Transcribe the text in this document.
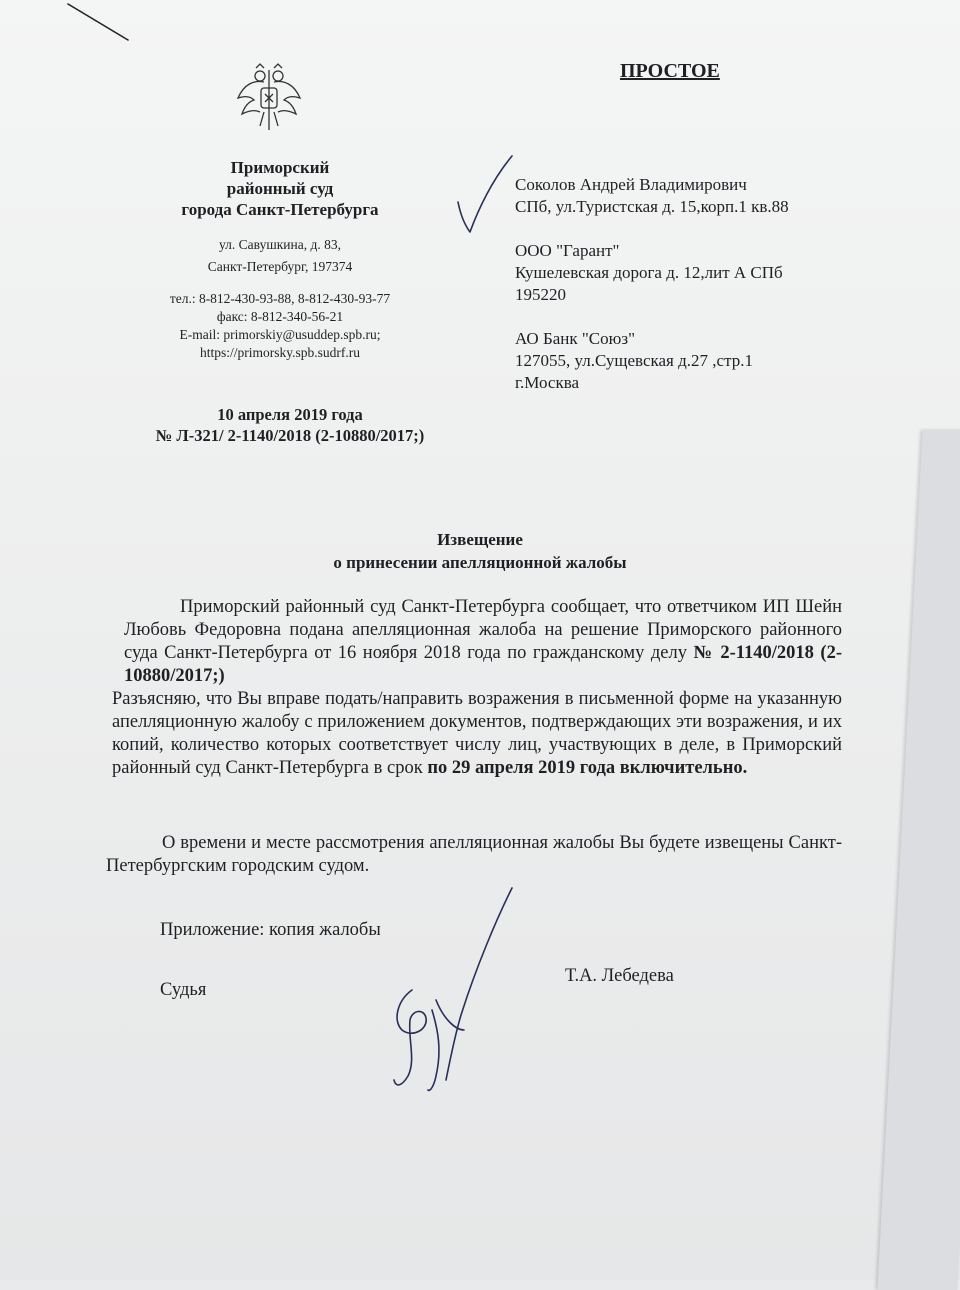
ПРОСТОЕ
Приморский
районный суд
города Санкт-Петербурга
ул. Савушкина, д. 83,
Санкт-Петербург, 197374
тел.: 8-812-430-93-88, 8-812-430-93-77
факс: 8-812-340-56-21
E-mail: primorskiy@usuddep.spb.ru;
https://primorsky.spb.sudrf.ru
10 апреля 2019 года
№ Л-321/ 2-1140/2018 (2-10880/2017;)
Соколов Андрей Владимирович
СПб, ул.Туристская д. 15,корп.1 кв.88
ООО "Гарант"
Кушелевская дорога д. 12,лит А СПб
195220
АО Банк "Союз"
127055, ул.Сущевская д.27 ,стр.1
г.Москва
Извещение
о принесении апелляционной жалобы

Приморский районный суд Санкт-Петербурга сообщает, что ответчиком ИП Шейн Любовь Федоровна подана апелляционная жалоба на решение Приморского районного суда Санкт-Петербурга от 16 ноября 2018 года по гражданскому делу № 2-1140/2018 (2-10880/2017;)

Разъясняю, что Вы вправе подать/направить возражения в письменной форме на указанную апелляционную жалобу с приложением документов, подтверждающих эти возражения, и их копий, количество которых соответствует числу лиц, участвующих в деле, в Приморский районный суд Санкт-Петербурга в срок по 29 апреля 2019 года включительно.

О времени и месте рассмотрения апелляционная жалобы Вы будете извещены Санкт-Петербургским городским судом.

Приложение: копия жалобы
Судья
Т.А. Лебедева
